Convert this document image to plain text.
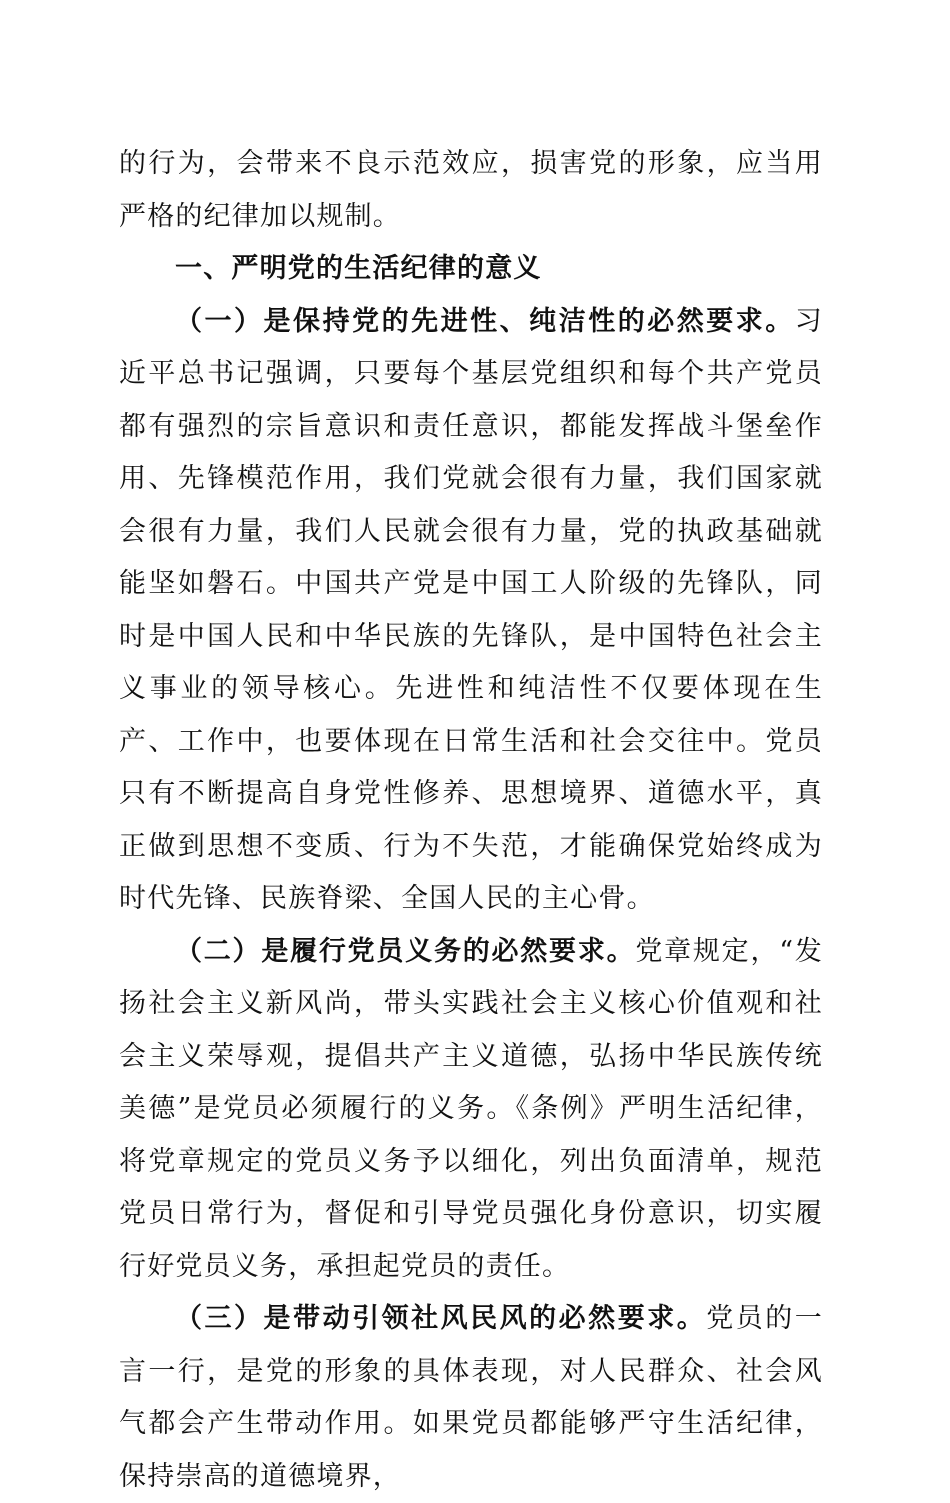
的行为，会带来不良示范效应，损害党的形象，应当用严格的纪律加以规制。

一、严明党的生活纪律的意义

（一）是保持党的先进性、纯洁性的必然要求。习近平总书记强调，只要每个基层党组织和每个共产党员都有强烈的宗旨意识和责任意识，都能发挥战斗堡垒作用、先锋模范作用，我们党就会很有力量，我们国家就会很有力量，我们人民就会很有力量，党的执政基础就能坚如磐石。中国共产党是中国工人阶级的先锋队，同时是中国人民和中华民族的先锋队，是中国特色社会主义事业的领导核心。先进性和纯洁性不仅要体现在生产、工作中，也要体现在日常生活和社会交往中。党员只有不断提高自身党性修养、思想境界、道德水平，真正做到思想不变质、行为不失范，才能确保党始终成为时代先锋、民族脊梁、全国人民的主心骨。

（二）是履行党员义务的必然要求。党章规定，“发扬社会主义新风尚，带头实践社会主义核心价值观和社会主义荣辱观，提倡共产主义道德，弘扬中华民族传统美德”是党员必须履行的义务。《条例》严明生活纪律，将党章规定的党员义务予以细化，列出负面清单，规范党员日常行为，督促和引导党员强化身份意识，切实履行好党员义务，承担起党员的责任。

（三）是带动引领社风民风的必然要求。党员的一言一行，是党的形象的具体表现，对人民群众、社会风气都会产生带动作用。如果党员都能够严守生活纪律，保持崇高的道德境界，
